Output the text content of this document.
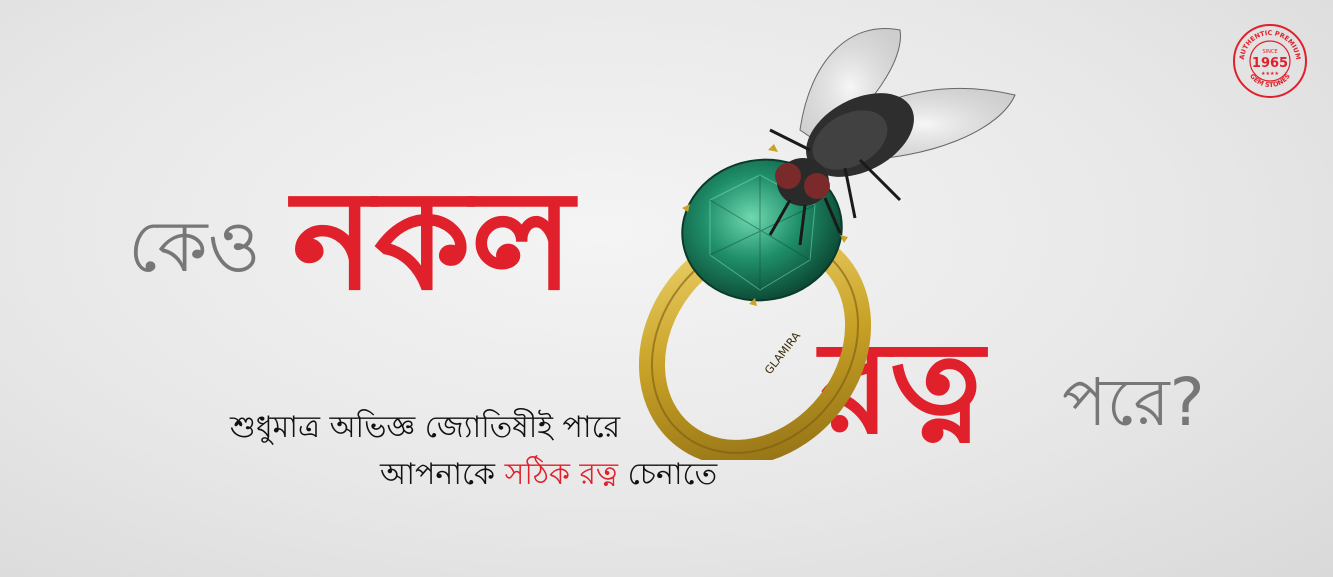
কেও নকল
রত্ন পরে?
GLAMIRA
শুধুমাত্র অভিজ্ঞ জ্যোতিষীই পারে
আপনাকে সঠিক রত্ন চেনাতে
AUTHENTIC PREMIUM
GEM STONES
SINCE
1965
★★★★
